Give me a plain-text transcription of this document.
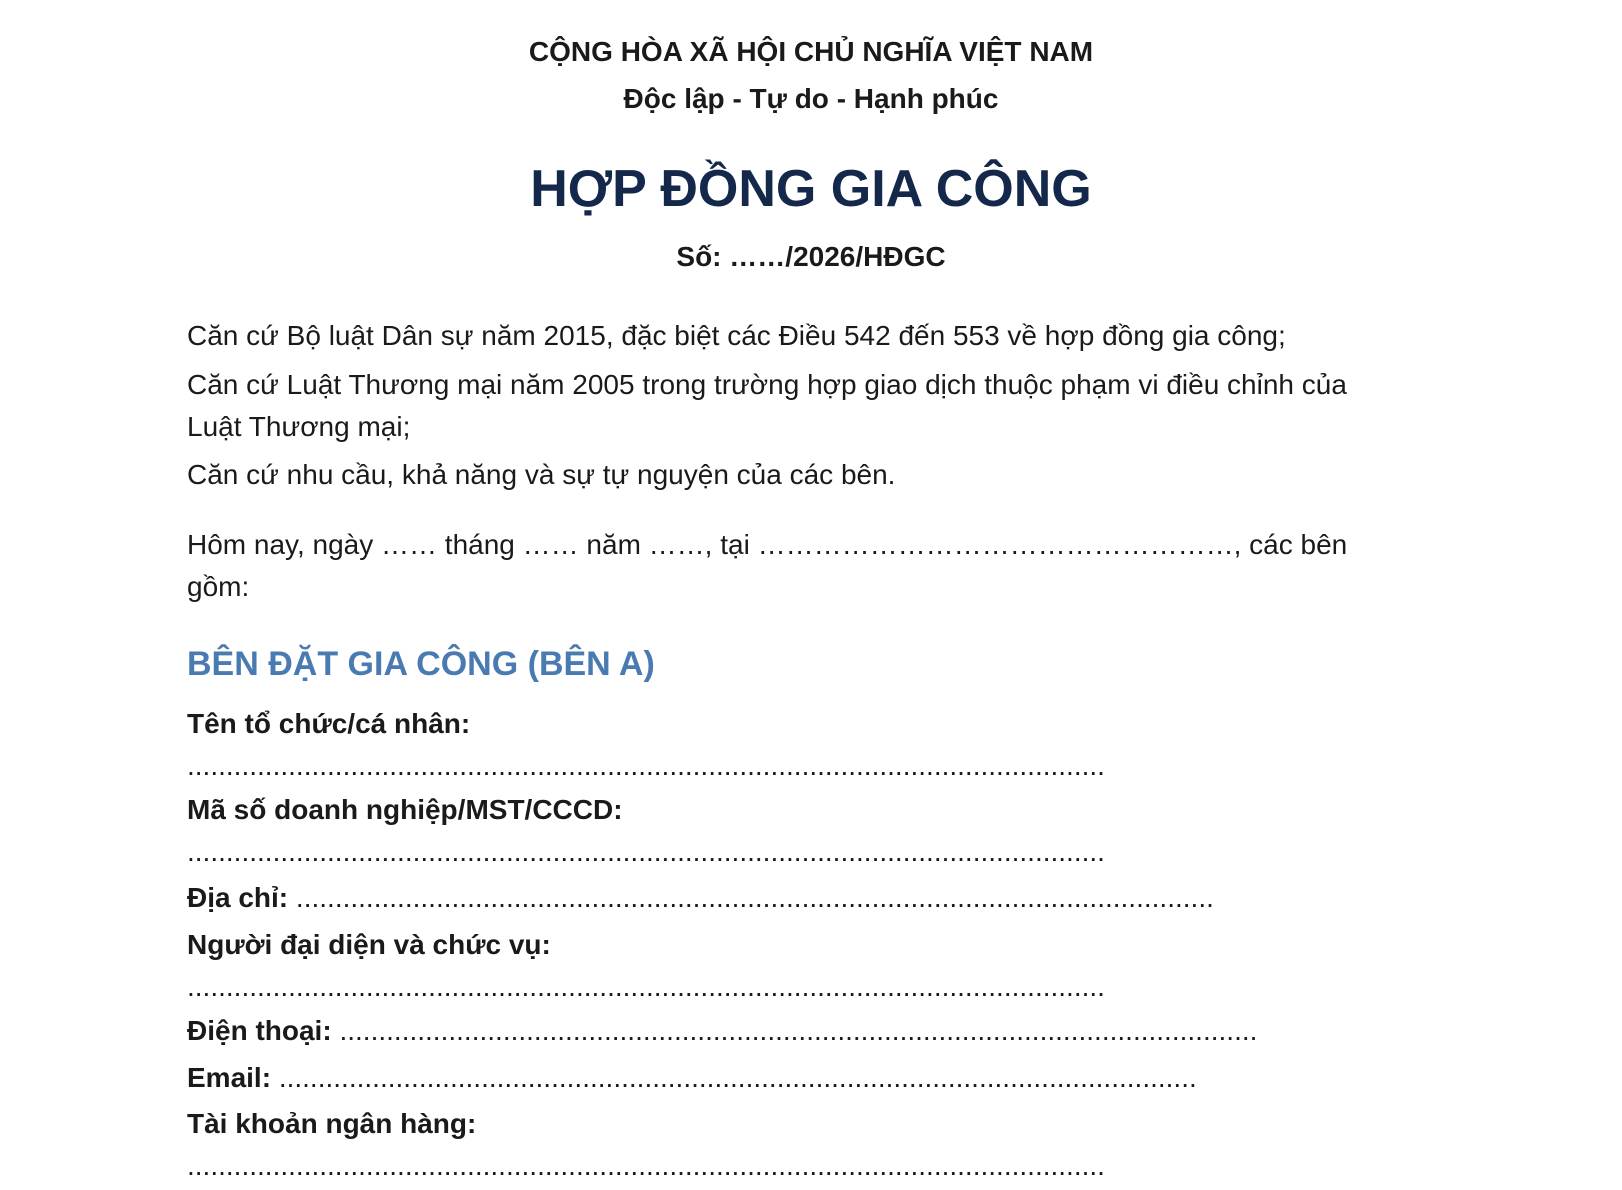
CỘNG HÒA XÃ HỘI CHỦ NGHĨA VIỆT NAM
Độc lập - Tự do - Hạnh phúc
HỢP ĐỒNG GIA CÔNG
Số: ……/2026/HĐGC
Căn cứ Bộ luật Dân sự năm 2015, đặc biệt các Điều 542 đến 553 về hợp đồng gia công;
Căn cứ Luật Thương mại năm 2005 trong trường hợp giao dịch thuộc phạm vi điều chỉnh của
Luật Thương mại;
Căn cứ nhu cầu, khả năng và sự tự nguyện của các bên.
Hôm nay, ngày …… tháng …… năm ……, tại ……………………………………………, các bên
gồm:
BÊN ĐẶT GIA CÔNG (BÊN A)
Tên tổ chức/cá nhân:
......................................................................................................................
Mã số doanh nghiệp/MST/CCCD:
......................................................................................................................
Địa chỉ: ......................................................................................................................
Người đại diện và chức vụ:
......................................................................................................................
Điện thoại: ......................................................................................................................
Email: ......................................................................................................................
Tài khoản ngân hàng:
......................................................................................................................
